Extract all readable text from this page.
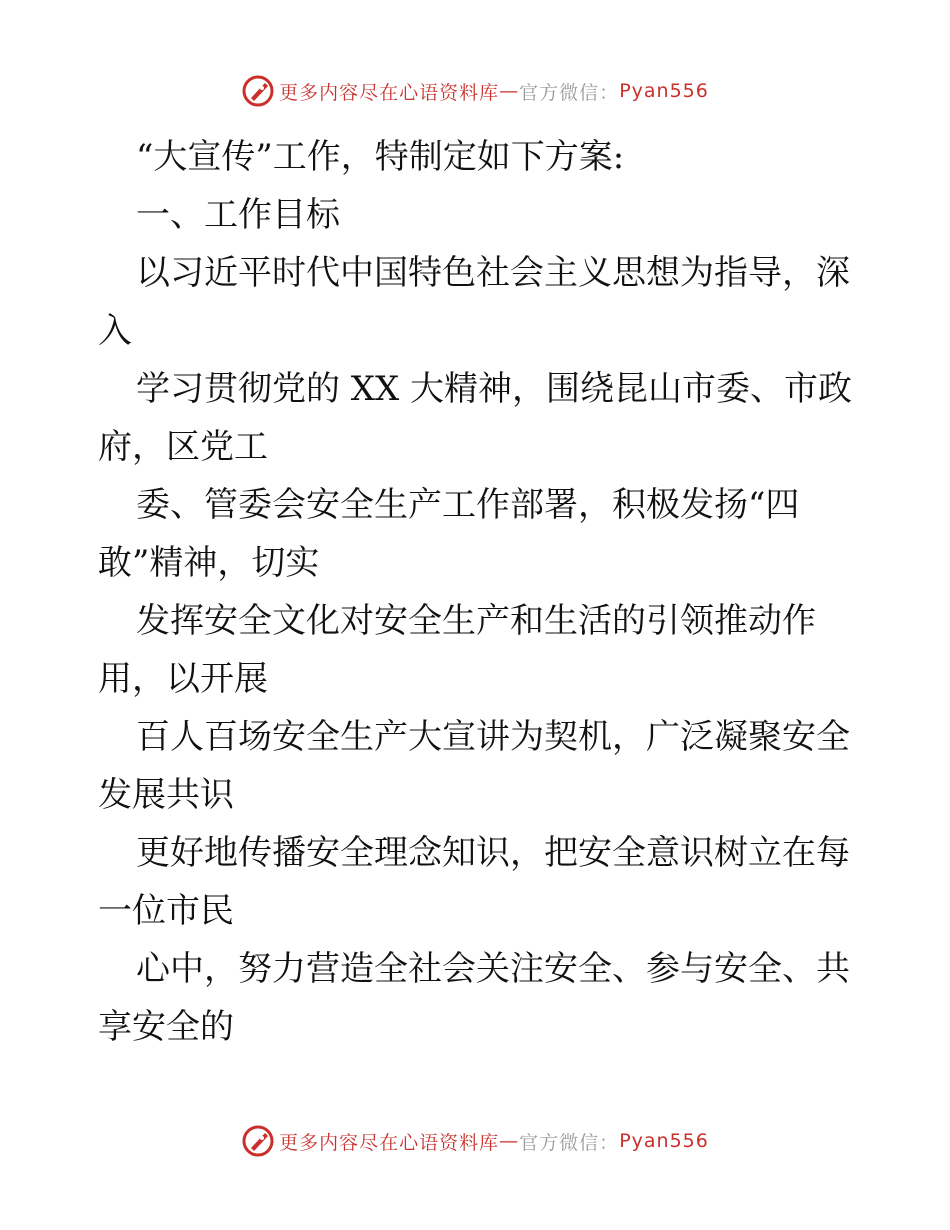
更多内容尽在心语资料库 — 官方微信： Pyan556
“大宣传”工作，特制定如下方案:
一、工作目标
以习近平时代中国特色社会主义思想为指导，深
入
学习贯彻党的 XX 大精神，围绕昆山市委、市政
府，区党工
委、管委会安全生产工作部署，积极发扬“四
敢”精神，切实
发挥安全文化对安全生产和生活的引领推动作
用，以开展
百人百场安全生产大宣讲为契机，广泛凝聚安全
发展共识
更好地传播安全理念知识，把安全意识树立在每
一位市民
心中，努力营造全社会关注安全、参与安全、共
享安全的
更多内容尽在心语资料库 — 官方微信： Pyan556
